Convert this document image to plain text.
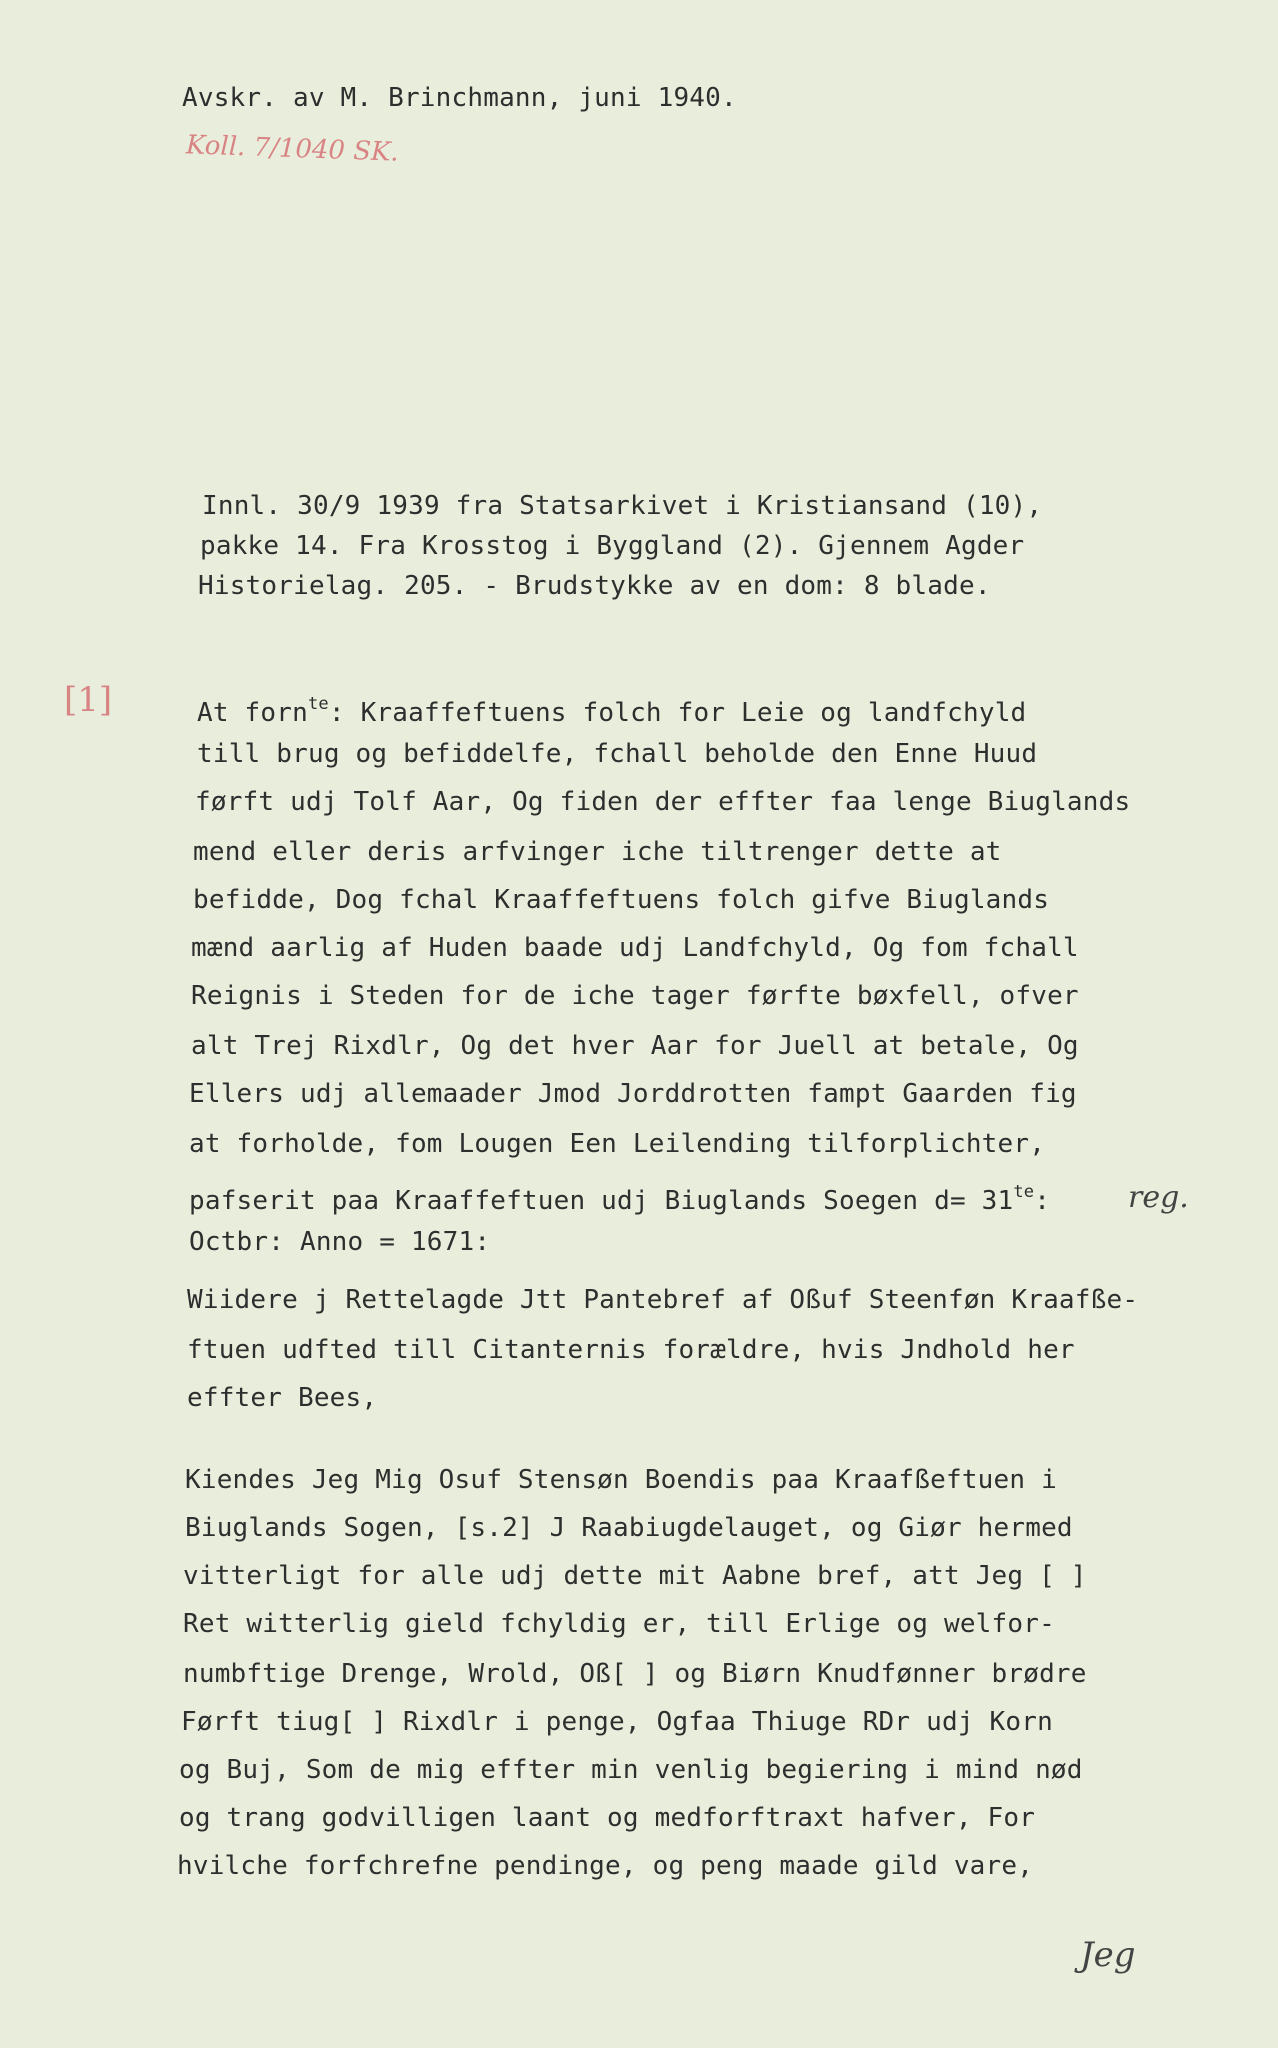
Avskr. av M. Brinchmann, juni 1940.
Koll. 7/1040 SK.
Innl. 30/9 1939 fra Statsarkivet i Kristiansand (10),
pakke 14. Fra Krosstog i Byggland (2). Gjennem Agder
Historielag. 205. - Brudstykke av en dom: 8 blade.
[1]
reg.
Jeg
At forn$^{te}$: Kraaffeftuens folch for Leie og landfchyld
till brug og befiddelfe, fchall beholde den Enne Huud
førft udj Tolf Aar, Og fiden der effter faa lenge Biuglands
mend eller deris arfvinger iche tiltrenger dette at
befidde, Dog fchal Kraaffeftuens folch gifve Biuglands
mænd aarlig af Huden baade udj Landfchyld, Og fom fchall
Reignis i Steden for de iche tager førfte bøxfell, ofver
alt Trej Rixdlr, Og det hver Aar for Juell at betale, Og
Ellers udj allemaader Jmod Jorddrotten fampt Gaarden fig
at forholde, fom Lougen Een Leilending tilforplichter,
pafserit paa Kraaffeftuen udj Biuglands Soegen $d= 31^{te}$:
Octbr: Anno = 1671:
Wiidere j Rettelagde Jtt Pantebref af Oßuf Steenføn Kraafße-
ftuen udfted till Citanternis forældre, hvis Jndhold her
effter Bees,
Kiendes Jeg Mig Osuf Stensøn Boendis paa Kraafßeftuen i
Biuglands Sogen, [s.2] J Raabiugdelauget, og Giør hermed
vitterligt for alle udj dette mit Aabne bref, att Jeg [ ]
Ret witterlig gield fchyldig er, till Erlige og welfor-
numbftige Drenge, Wrold, Oß[ ] og Biørn Knudfønner brødre
Førft tiug[ ] Rixdlr i penge, Ogfaa Thiuge RDr udj Korn
og Buj, Som de mig effter min venlig begiering i mind nød
og trang godvilligen laant og medforftraxt hafver, For
hvilche forfchrefne pendinge, og peng maade gild vare,
